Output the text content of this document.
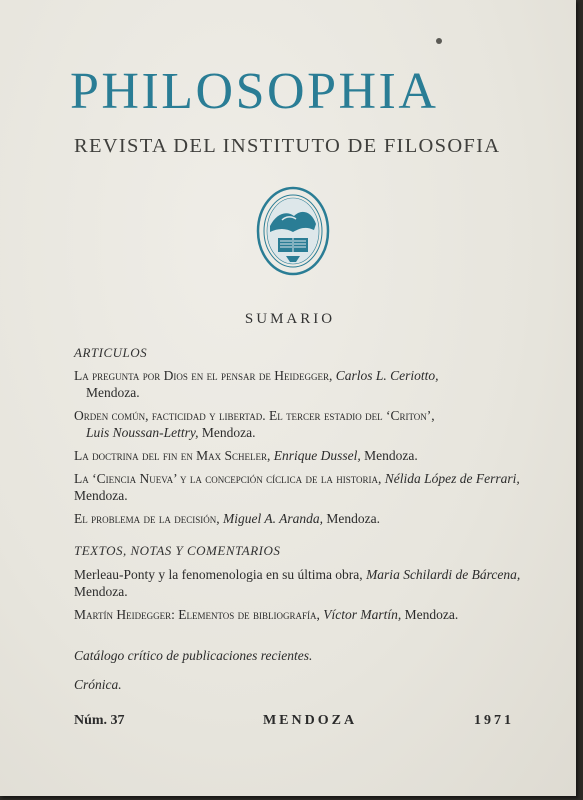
PHILOSOPHIA
REVISTA DEL INSTITUTO DE FILOSOFIA
SUMARIO
ARTICULOS
La pregunta por Dios en el pensar de Heidegger, Carlos L. Ceriotto,
Mendoza.
Orden común, facticidad y libertad. El tercer estadio del ‘Criton’,
Luis Noussan-Lettry, Mendoza.
La doctrina del fin en Max Scheler, Enrique Dussel, Mendoza.
La ‘Ciencia Nueva’ y la concepción cíclica de la historia, Nélida López de Ferrari, Mendoza.
El problema de la decisión, Miguel A. Aranda, Mendoza.
TEXTOS, NOTAS Y COMENTARIOS
Merleau-Ponty y la fenomenologia en su última obra, Maria Schilardi de Bárcena, Mendoza.
Martín Heidegger: Elementos de bibliografía, Víctor Martín, Mendoza.
Catálogo crítico de publicaciones recientes.
Crónica.
Núm. 37	MENDOZA	1971
